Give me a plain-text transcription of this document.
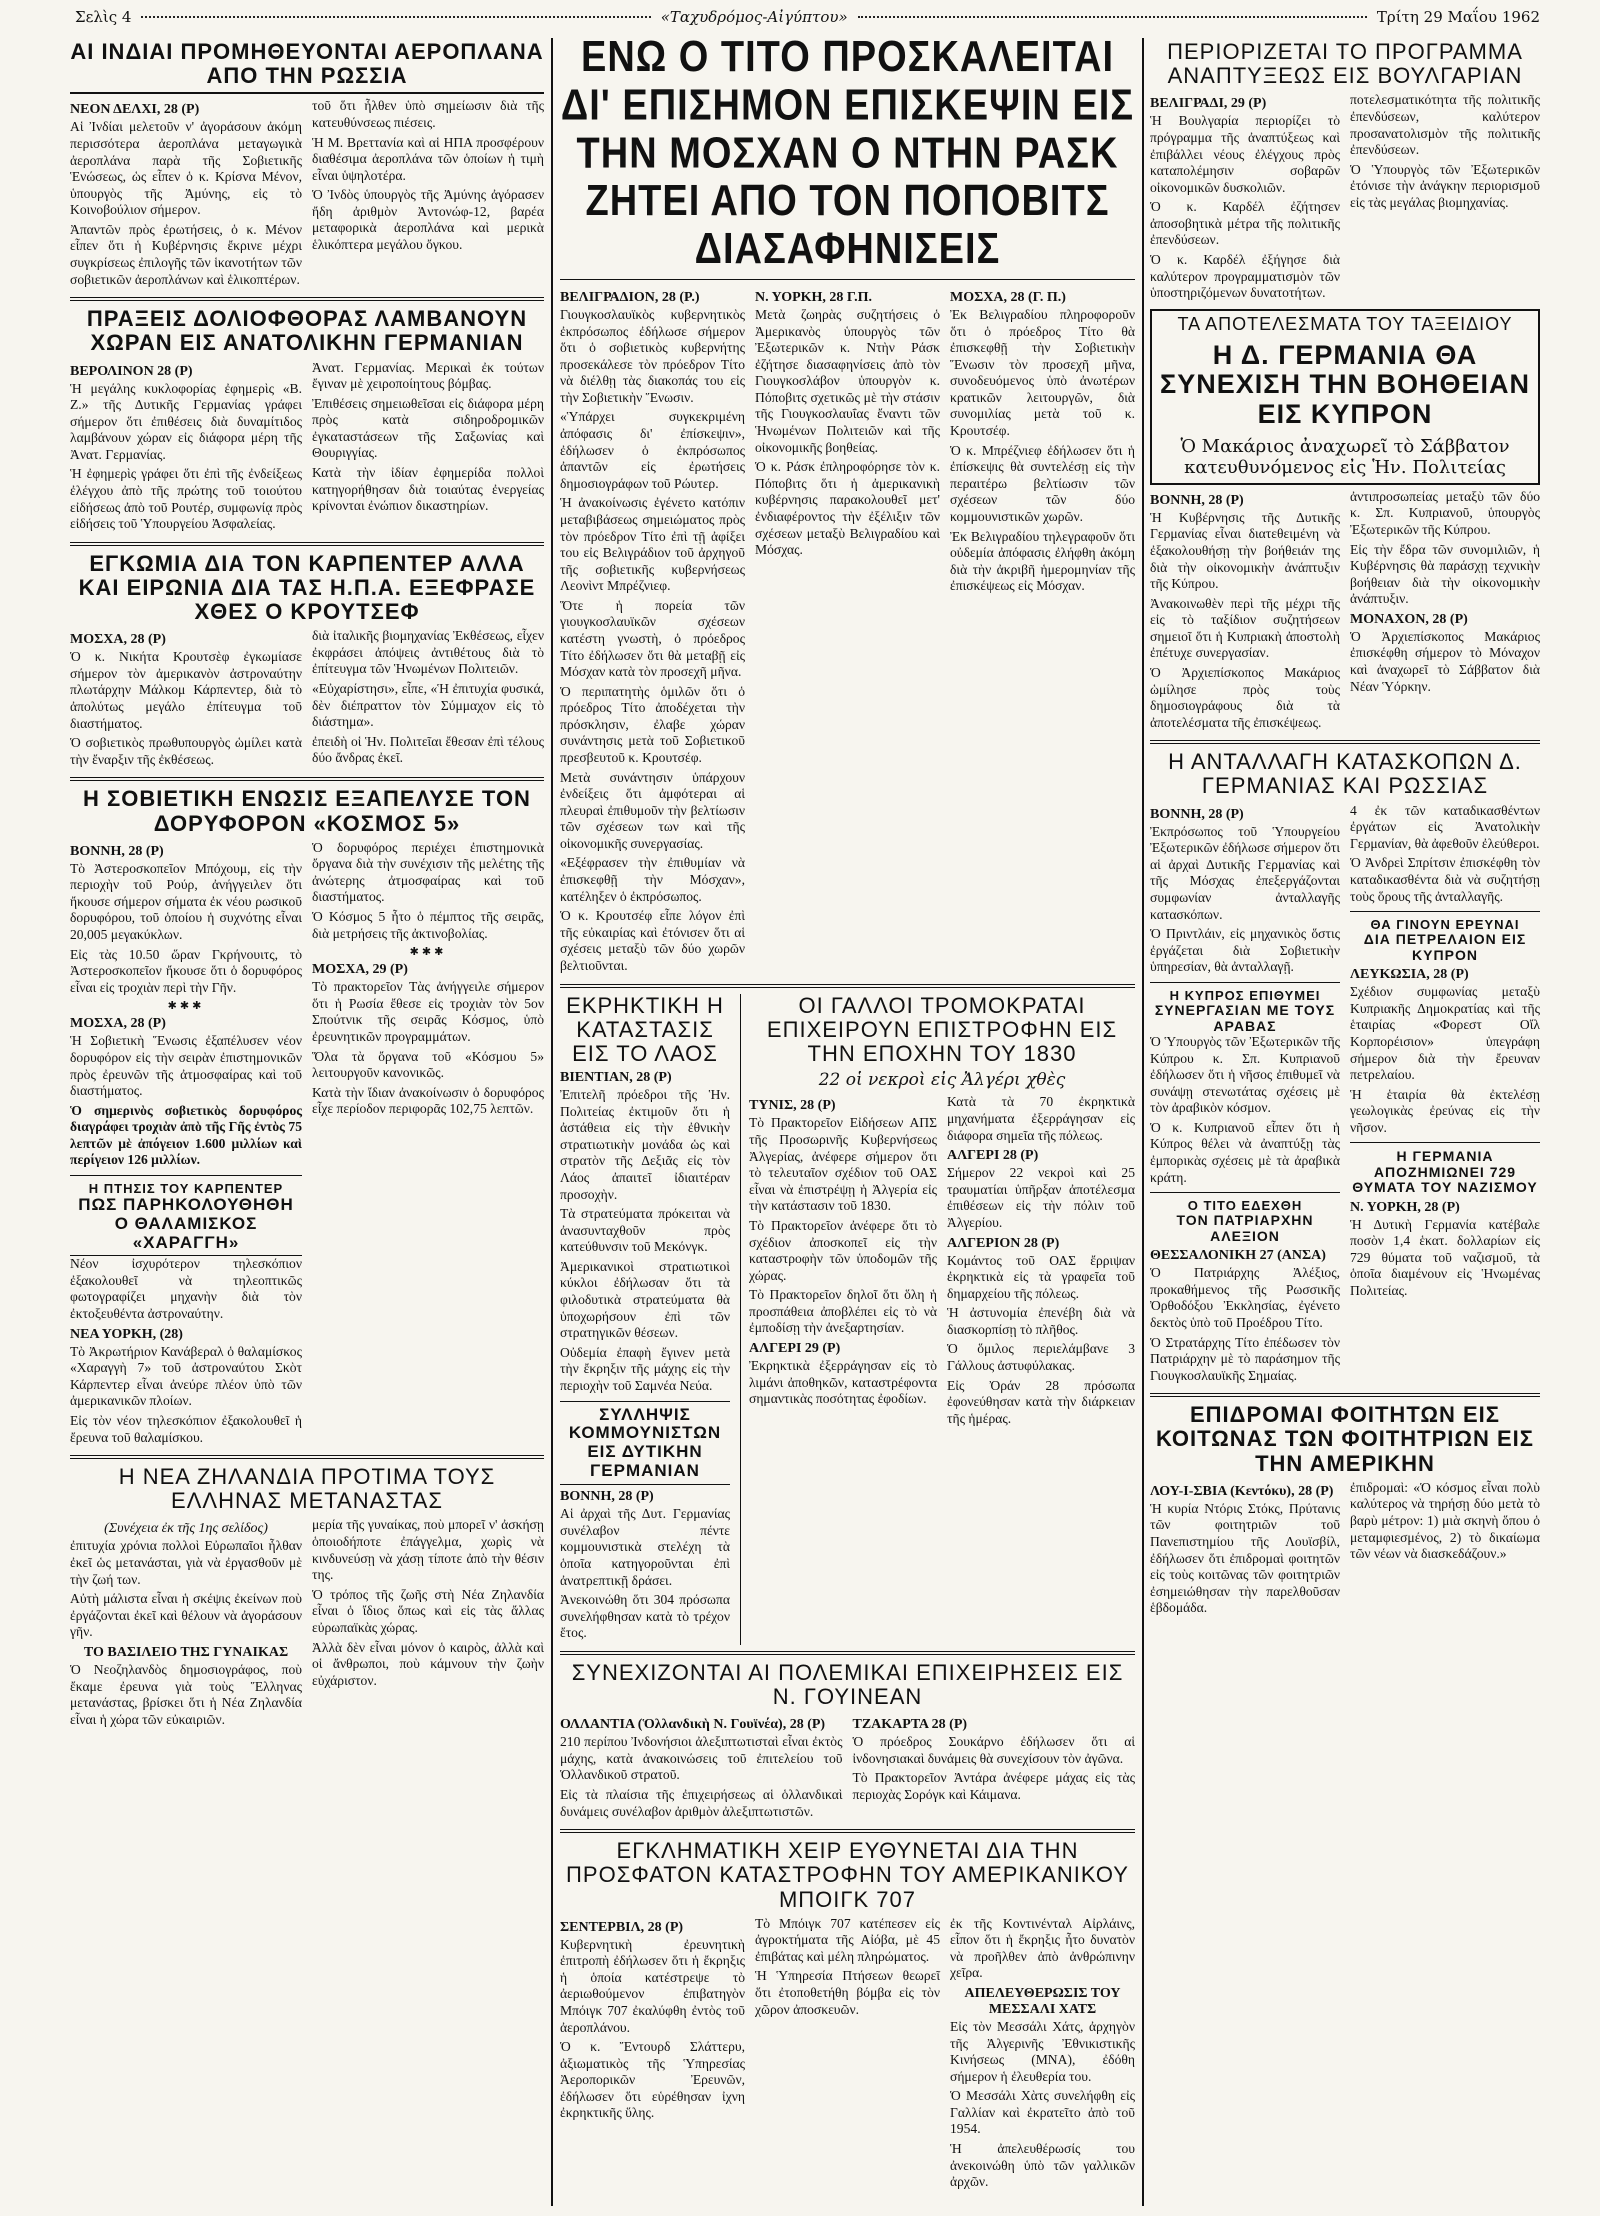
Σελὶς 4	«Ταχυδρόμος-Αἰγύπτου»	Τρίτη 29 Μαΐου 1962
ΑΙ ΙΝΔΙΑΙ ΠΡΟΜΗΘΕΥΟΝΤΑΙ ΑΕΡΟΠΛΑΝΑ ΑΠΟ ΤΗΝ ΡΩΣΣΙΑ
ΝΕΟΝ ΔΕΛΧΙ, 28 (Ρ)

Αἱ Ἰνδίαι μελετοῦν ν' ἀγοράσουν ἀκόμη περισσότερα ἀεροπλάνα μεταγωγικὰ ἀεροπλάνα παρὰ τῆς Σοβιετικῆς Ἑνώσεως, ὡς εἶπεν ὁ κ. Κρίσνα Μένον, ὑπουργὸς τῆς Ἀμύνης, εἰς τὸ Κοινοβούλιον σήμερον.

Ἀπαντῶν πρὸς ἐρωτήσεις, ὁ κ. Μένον εἶπεν ὅτι ἡ Κυβέρνησις ἔκρινε μέχρι συγκρίσεως ἐπιλογῆς τῶν ἱκανοτήτων τῶν σοβιετικῶν ἀεροπλάνων καὶ ἑλικοπτέρων.

τοῦ ὅτι ἦλθεν ὑπὸ σημείωσιν διὰ τῆς κατευθύνσεως πιέσεις.

Ἡ Μ. Βρεττανία καὶ αἱ ΗΠΑ προσφέρουν διαθέσιμα ἀεροπλάνα τῶν ὁποίων ἡ τιμὴ εἶναι ὑψηλοτέρα.

Ὁ Ἰνδὸς ὑπουργὸς τῆς Ἀμύνης ἀγόρασεν ἤδη ἀριθμὸν Ἀντονώφ-12, βαρέα μεταφορικὰ ἀεροπλάνα καὶ μερικὰ ἑλικόπτερα μεγάλου ὄγκου.

ΠΡΑΞΕΙΣ ΔΟΛΙΟΦΘΟΡΑΣ ΛΑΜΒΑΝΟΥΝ ΧΩΡΑΝ ΕΙΣ ΑΝΑΤΟΛΙΚΗΝ ΓΕΡΜΑΝΙΑΝ
ΒΕΡΟΛΙΝΟΝ 28 (Ρ)

Ἡ μεγάλης κυκλοφορίας ἐφημερὶς «Β. Ζ.» τῆς Δυτικῆς Γερμανίας γράφει σήμερον ὅτι ἐπιθέσεις διὰ δυναμίτιδος λαμβάνουν χώραν εἰς διάφορα μέρη τῆς Ἀνατ. Γερμανίας.

Ἡ ἐφημερὶς γράφει ὅτι ἐπὶ τῆς ἐνδείξεως ἐλέγχου ἀπὸ τῆς πρώτης τοῦ τοιούτου εἰδήσεως ἀπὸ τοῦ Ρουτέρ, συμφωνίᾳ πρὸς εἰδήσεις τοῦ Ὑπουργείου Ἀσφαλείας.

Ἀνατ. Γερμανίας. Μερικαὶ ἐκ τούτων ἔγιναν μὲ χειροποίητους βόμβας.

Ἐπιθέσεις σημειωθεῖσαι εἰς διάφορα μέρη πρὸς κατὰ σιδηροδρομικῶν ἐγκαταστάσεων τῆς Σαξωνίας καὶ Θουριγγίας.

Κατὰ τὴν ἰδίαν ἐφημερίδα πολλοὶ κατηγορήθησαν διὰ τοιαύτας ἐνεργείας κρίνονται ἐνώπιον δικαστηρίων.

ΕΓΚΩΜΙΑ ΔΙΑ ΤΟΝ ΚΑΡΠΕΝΤΕΡ ΑΛΛΑ ΚΑΙ ΕΙΡΩΝΙΑ ΔΙΑ ΤΑΣ Η.Π.Α. ΕΞΕΦΡΑΣΕ ΧΘΕΣ Ο ΚΡΟΥΤΣΕΦ
ΜΟΣΧΑ, 28 (Ρ)

Ὁ κ. Νικήτα Κρουτσὲφ ἐγκωμίασε σήμερον τὸν ἀμερικανὸν ἀστροναύτην πλωτάρχην Μάλκομ Κάρπεντερ, διὰ τὸ ἀπολύτως μεγάλο ἐπίτευγμα τοῦ διαστήματος.

Ὁ σοβιετικὸς πρωθυπουργὸς ὡμίλει κατὰ τὴν ἔναρξιν τῆς ἐκθέσεως.

διὰ ἰταλικῆς βιομηχανίας Ἐκθέσεως, εἶχεν ἐκφράσει ἀπόψεις ἀντιθέτους διὰ τὸ ἐπίτευγμα τῶν Ἡνωμένων Πολιτειῶν.

«Εὐχαρίστησι», εἶπε, «Ἡ ἐπιτυχία φυσικά, δὲν διέπραττον τὸν Σύμμαχον εἰς τὸ διάστημα».

ἐπειδὴ οἱ Ἡν. Πολιτεῖαι ἔθεσαν ἐπὶ τέλους δύο ἄνδρας ἐκεῖ.

Η ΣΟΒΙΕΤΙΚΗ ΕΝΩΣΙΣ ΕΞΑΠΕΛΥΣΕ ΤΟΝ ΔΟΡΥΦΟΡΟΝ «ΚΟΣΜΟΣ 5»
ΒΟΝΝΗ, 28 (Ρ)

Τὸ Ἀστεροσκοπεῖον Μπόχουμ, εἰς τὴν περιοχὴν τοῦ Ρούρ, ἀνήγγειλεν ὅτι ἤκουσε σήμερον σήματα ἐκ νέου ρωσικοῦ δορυφόρου, τοῦ ὁποίου ἡ συχνότης εἶναι 20,005 μεγακύκλων.

Εἰς τὰς 10.50 ὥραν Γκρήνουιτς, τὸ Ἀστεροσκοπεῖον ἤκουσε ὅτι ὁ δορυφόρος εἶναι εἰς τροχιὰν περὶ τὴν Γῆν.

✱✱✱
ΜΟΣΧΑ, 28 (Ρ)

Ἡ Σοβιετικὴ Ἕνωσις ἐξαπέλυσεν νέον δορυφόρον εἰς τὴν σειρὰν ἐπιστημονικῶν πρὸς ἐρευνῶν τῆς ἀτμοσφαίρας καὶ τοῦ διαστήματος.

Ὁ σημερινὸς σοβιετικὸς δορυφόρος διαγράφει τροχιὰν ἀπὸ τῆς Γῆς ἐντὸς 75 λεπτῶν μὲ ἀπόγειον 1.600 μιλλίων καὶ περίγειον 126 μιλλίων.

Η ΠΤΗΣΙΣ ΤΟΥ ΚΑΡΠΕΝΤΕΡ
ΠΩΣ ΠΑΡΗΚΟΛΟΥΘΗΘΗ Ο ΘΑΛΑΜΙΣΚΟΣ «ΧΑΡΑΓΓΗ»

Νέον ἰσχυρότερον τηλεσκόπιον ἐξακολουθεῖ νὰ τηλεοπτικῶς φωτογραφίζει μηχανὴν διὰ τὸν ἐκτοξευθέντα ἀστροναύτην.

ΝΕΑ ΥΟΡΚΗ, (28)

Τὸ Ἀκρωτήριον Κανάβεραλ ὁ θαλαμίσκος «Χαραγγὴ 7» τοῦ ἀστροναύτου Σκὸτ Κάρπεντερ εἶναι ἀνεύρε πλέον ὑπὸ τῶν ἀμερικανικῶν πλοίων.

Εἰς τὸν νέον τηλεσκόπιον ἐξακολουθεῖ ἡ ἔρευνα τοῦ θαλαμίσκου.

Ὁ δορυφόρος περιέχει ἐπιστημονικὰ ὄργανα διὰ τὴν συνέχισιν τῆς μελέτης τῆς ἀνώτερης ἀτμοσφαίρας καὶ τοῦ διαστήματος.

Ὁ Κόσμος 5 ἦτο ὁ πέμπτος τῆς σειρᾶς, διὰ μετρήσεις τῆς ἀκτινοβολίας.

✱✱✱
ΜΟΣΧΑ, 29 (Ρ)

Τὸ πρακτορεῖον Τὰς ἀνήγγειλε σήμερον ὅτι ἡ Ρωσία ἔθεσε εἰς τροχιὰν τὸν 5ον Σπούτνικ τῆς σειρᾶς Κόσμος, ὑπὸ ἐρευνητικῶν προγραμμάτων.

Ὅλα τὰ ὄργανα τοῦ «Κόσμου 5» λειτουργοῦν κανονικῶς.

Κατὰ τὴν ἴδιαν ἀνακοίνωσιν ὁ δορυφόρος εἶχε περίοδον περιφορᾶς 102,75 λεπτῶν.

Η ΝΕΑ ΖΗΛΑΝΔΙΑ ΠΡΟΤΙΜΑ ΤΟΥΣ ΕΛΛΗΝΑΣ ΜΕΤΑΝΑΣΤΑΣ
(Συνέχεια ἐκ τῆς 1ης σελίδος)

ἐπιτυχία χρόνια πολλοὶ Εὐρωπαῖοι ἦλθαν ἐκεῖ ὡς μετανάσται, γιὰ νὰ ἐργασθοῦν μὲ τὴν ζωή των.

Αὐτὴ μάλιστα εἶναι ἡ σκέψις ἐκείνων ποὺ ἐργάζονται ἐκεῖ καὶ θέλουν νὰ ἀγοράσουν γῆν.

ΤΟ ΒΑΣΙΛΕΙΟ ΤΗΣ ΓΥΝΑΙΚΑΣ

Ὁ Νεοζηλανδὸς δημοσιογράφος, ποὺ ἔκαμε ἐρευνα γιὰ τοὺς Ἕλληνας μετανάστας, βρίσκει ὅτι ἡ Νέα Ζηλανδία εἶναι ἡ χώρα τῶν εὐκαιριῶν.

μερία τῆς γυναίκας, ποὺ μπορεῖ ν' ἀσκήσῃ ὁποιοδήποτε ἐπάγγελμα, χωρὶς νὰ κινδυνεύσῃ νὰ χάσῃ τίποτε ἀπὸ τὴν θέσιν της.

Ὁ τρόπος τῆς ζωῆς στὴ Νέα Ζηλανδία εἶναι ὁ ἴδιος ὅπως καὶ εἰς τὰς ἄλλας εὐρωπαϊκὰς χώρας.

Ἀλλὰ δὲν εἶναι μόνον ὁ καιρὸς, ἀλλὰ καὶ οἱ ἄνθρωποι, ποὺ κάμνουν τὴν ζωὴν εὐχάριστον.

ΕΝΩ Ο ΤΙΤΟ ΠΡΟΣΚΑΛΕΙΤΑΙ ΔΙ' ΕΠΙΣΗΜΟΝ ΕΠΙΣΚΕΨΙΝ ΕΙΣ ΤΗΝ ΜΟΣΧΑΝ Ο ΝΤΗΝ ΡΑΣΚ ΖΗΤΕΙ ΑΠΟ ΤΟΝ ΠΟΠΟΒΙΤΣ ΔΙΑΣΑΦΗΝΙΣΕΙΣ
ΒΕΛΙΓΡΑΔΙΟΝ, 28 (Ρ.)

Γιουγκοσλαυϊκὸς κυβερνητικὸς ἐκπρόσωπος ἐδήλωσε σήμερον ὅτι ὁ σοβιετικὸς κυβερνήτης προσεκάλεσε τὸν πρόεδρον Τίτο νὰ διέλθῃ τὰς διακοπάς του εἰς τὴν Σοβιετικὴν Ἕνωσιν.

«Ὑπάρχει συγκεκριμένη ἀπόφασις δι' ἐπίσκεψιν», ἐδήλωσεν ὁ ἐκπρόσωπος ἀπαντῶν εἰς ἐρωτήσεις δημοσιογράφων τοῦ Ρώυτερ.

Ἡ ἀνακοίνωσις ἐγένετο κατόπιν μεταβιβάσεως σημειώματος πρὸς τὸν πρόεδρον Τίτο ἐπὶ τῇ ἀφίξει του εἰς Βελιγράδιον τοῦ ἀρχηγοῦ τῆς σοβιετικῆς κυβερνήσεως Λεονὶντ Μπρέζνιεφ.

Ὅτε ἡ πορεία τῶν γιουγκοσλαυϊκῶν σχέσεων κατέστη γνωστὴ, ὁ πρόεδρος Τίτο ἐδήλωσεν ὅτι θὰ μεταβῇ εἰς Μόσχαν κατὰ τὸν προσεχῆ μῆνα.

Ὁ περιπατητὴς ὁμιλῶν ὅτι ὁ πρόεδρος Τίτο ἀποδέχεται τὴν πρόσκλησιν, ἐλαβε χώραν συνάντησις μετὰ τοῦ Σοβιετικοῦ πρεσβευτοῦ κ. Κρουτσέφ.

Μετὰ συνάντησιν ὑπάρχουν ἐνδείξεις ὅτι ἀμφότεραι αἱ πλευραὶ ἐπιθυμοῦν τὴν βελτίωσιν τῶν σχέσεων των καὶ τῆς οἰκονομικῆς συνεργασίας.

«Εξέφρασεν τὴν ἐπιθυμίαν νὰ ἐπισκεφθῇ τὴν Μόσχαν», κατέληξεν ὁ ἐκπρόσωπος.

Ὁ κ. Κρουτσέφ εἶπε λόγον ἐπὶ τῆς εὐκαιρίας καὶ ἐτόνισεν ὅτι αἱ σχέσεις μεταξὺ τῶν δύο χωρῶν βελτιοῦνται.

Ν. ΥΟΡΚΗ, 28 Γ.Π.

Μετὰ ζωηρὰς συζητήσεις ὁ Ἀμερικανὸς ὑπουργὸς τῶν Ἐξωτερικῶν κ. Ντὴν Ράσκ ἐζήτησε διασαφηνίσεις ἀπὸ τὸν Γιουγκοσλάβον ὑπουργὸν κ. Πόποβιτς σχετικῶς μὲ τὴν στάσιν τῆς Γιουγκοσλαυΐας ἔναντι τῶν Ἡνωμένων Πολιτειῶν καὶ τῆς οἰκονομικῆς βοηθείας.

Ὁ κ. Ράσκ ἐπληροφόρησε τὸν κ. Πόποβιτς ὅτι ἡ ἀμερικανικὴ κυβέρνησις παρακολουθεῖ μετ' ἐνδιαφέροντος τὴν ἐξέλιξιν τῶν σχέσεων μεταξὺ Βελιγραδίου καὶ Μόσχας.

ΜΟΣΧΑ, 28 (Γ. Π.)

Ἐκ Βελιγραδίου πληροφοροῦν ὅτι ὁ πρόεδρος Τίτο θὰ ἐπισκεφθῇ τὴν Σοβιετικὴν Ἕνωσιν τὸν προσεχῆ μῆνα, συνοδευόμενος ὑπὸ ἀνωτέρων κρατικῶν λειτουργῶν, διὰ συνομιλίας μετὰ τοῦ κ. Κρουτσέφ.

Ὁ κ. Μπρέζνιεφ ἐδήλωσεν ὅτι ἡ ἐπίσκεψις θὰ συντελέσῃ εἰς τὴν περαιτέρω βελτίωσιν τῶν σχέσεων τῶν δύο κομμουνιστικῶν χωρῶν.

Ἐκ Βελιγραδίου τηλεγραφοῦν ὅτι οὐδεμία ἀπόφασις ἐλήφθη ἀκόμη διὰ τὴν ἀκριβῆ ἡμερομηνίαν τῆς ἐπισκέψεως εἰς Μόσχαν.

ΕΚΡΗΚΤΙΚΗ Η ΚΑΤΑΣΤΑΣΙΣ ΕΙΣ ΤΟ ΛΑΟΣ
ΒΙΕΝΤΙΑΝ, 28 (Ρ)

Ἐπιτελῆ πρόεδροι τῆς Ἡν. Πολιτείας ἐκτιμοῦν ὅτι ἡ ἀστάθεια εἰς τὴν ἐθνικὴν στρατιωτικὴν μονάδα ὡς καὶ στρατὸν τῆς Δεξιᾶς εἰς τὸν Λάος ἀπαιτεῖ ἰδιαιτέραν προσοχὴν.

Τὰ στρατεύματα πρόκειται νὰ ἀνασυνταχθοῦν πρὸς κατεύθυνσιν τοῦ Μεκόνγκ.

Ἀμερικανικοὶ στρατιωτικοὶ κύκλοι ἐδήλωσαν ὅτι τὰ φιλοδυτικὰ στρατεύματα θὰ ὑποχωρήσουν ἐπὶ τῶν στρατηγικῶν θέσεων.

Οὐδεμία ἐπαφὴ ἔγινεν μετὰ τὴν ἔκρηξιν τῆς μάχης εἰς τὴν περιοχὴν τοῦ Σαμνέα Νεύα.

ΣΥΛΛΗΨΙΣ ΚΟΜΜΟΥΝΙΣΤΩΝ ΕΙΣ ΔΥΤΙΚΗΝ ΓΕΡΜΑΝΙΑΝ
ΒΟΝΝΗ, 28 (Ρ)

Αἱ ἀρχαὶ τῆς Δυτ. Γερμανίας συνέλαβον πέντε κομμουνιστικὰ στελέχη τὰ ὁποῖα κατηγοροῦνται ἐπὶ ἀνατρεπτικῇ δράσει.

Ἀνεκοινώθη ὅτι 304 πρόσωπα συνελήφθησαν κατὰ τὸ τρέχον ἔτος.

ΟΙ ΓΑΛΛΟΙ ΤΡΟΜΟΚΡΑΤΑΙ ΕΠΙΧΕΙΡΟΥΝ ΕΠΙΣΤΡΟΦΗΝ ΕΙΣ ΤΗΝ ΕΠΟΧΗΝ ΤΟΥ 1830
22 οἱ νεκροὶ εἰς Ἀλγέρι χθὲς
ΤΥΝΙΣ, 28 (Ρ)

Τὸ Πρακτορεῖον Εἰδήσεων ΑΠΣ τῆς Προσωρινῆς Κυβερνήσεως Ἀλγερίας, ἀνέφερε σήμερον ὅτι τὸ τελευταῖον σχέδιον τοῦ ΟΑΣ εἶναι νὰ ἐπιστρέψῃ ἡ Ἀλγερία εἰς τὴν κατάστασιν τοῦ 1830.

Τὸ Πρακτορεῖον ἀνέφερε ὅτι τὸ σχέδιον ἀποσκοπεῖ εἰς τὴν καταστροφὴν τῶν ὑποδομῶν τῆς χώρας.

Τὸ Πρακτορεῖον δηλοῖ ὅτι ὅλη ἡ προσπάθεια ἀποβλέπει εἰς τὸ νὰ ἐμποδίσῃ τὴν ἀνεξαρτησίαν.

ΑΛΓΕΡΙ 29 (Ρ)

Ἐκρηκτικὰ ἐξερράγησαν εἰς τὸ λιμάνι ἀποθηκῶν, καταστρέφοντα σημαντικὰς ποσότητας ἐφοδίων.

Κατὰ τὰ 70 ἐκρηκτικὰ μηχανήματα ἐξερράγησαν εἰς διάφορα σημεῖα τῆς πόλεως.

ΑΛΓΕΡΙ 28 (Ρ)

Σήμερον 22 νεκροὶ καὶ 25 τραυματίαι ὑπῆρξαν ἀποτέλεσμα ἐπιθέσεων εἰς τὴν πόλιν τοῦ Ἀλγερίου.

ΑΛΓΕΡΙΟΝ 28 (Ρ)

Κομάντος τοῦ ΟΑΣ ἔρριψαν ἐκρηκτικὰ εἰς τὰ γραφεῖα τοῦ δημαρχείου τῆς πόλεως.

Ἡ ἀστυνομία ἐπενέβη διὰ νὰ διασκορπίσῃ τὸ πλῆθος.

Ὁ ὅμιλος περιελάμβανε 3 Γάλλους ἀστυφύλακας.

Εἰς Ὀράν 28 πρόσωπα ἐφονεύθησαν κατὰ τὴν διάρκειαν τῆς ἡμέρας.

ΣΥΝΕΧΙΖΟΝΤΑΙ ΑΙ ΠΟΛΕΜΙΚΑΙ ΕΠΙΧΕΙΡΗΣΕΙΣ ΕΙΣ Ν. ΓΟΥΙΝΕΑΝ
ΟΛΛΑΝΤΙΑ (Ὁλλανδικὴ Ν. Γουϊνέα), 28 (Ρ)

210 περίπου Ἰνδονήσιοι ἀλεξιπτωτισταὶ εἶναι ἐκτὸς μάχης, κατὰ ἀνακοινώσεις τοῦ ἐπιτελείου τοῦ Ὁλλανδικοῦ στρατοῦ.

Εἰς τὰ πλαίσια τῆς ἐπιχειρήσεως αἱ ὁλλανδικαὶ δυνάμεις συνέλαβον ἀριθμὸν ἀλεξιπτωτιστῶν.

ΤΖΑΚΑΡΤΑ 28 (Ρ)

Ὁ πρόεδρος Σουκάρνο ἐδήλωσεν ὅτι αἱ ἰνδονησιακαὶ δυνάμεις θὰ συνεχίσουν τὸν ἀγῶνα.

Τὸ Πρακτορεῖον Ἀντάρα ἀνέφερε μάχας εἰς τὰς περιοχὰς Σορόγκ καὶ Κάιμανα.

ΕΓΚΛΗΜΑΤΙΚΗ ΧΕΙΡ ΕΥΘΥΝΕΤΑΙ ΔΙΑ ΤΗΝ ΠΡΟΣΦΑΤΟΝ ΚΑΤΑΣΤΡΟΦΗΝ ΤΟΥ ΑΜΕΡΙΚΑΝΙΚΟΥ ΜΠΟΙΓΚ 707
ΣΕΝΤΕΡΒΙΛ, 28 (Ρ)

Κυβερνητικὴ ἐρευνητικὴ ἐπιτροπὴ ἐδήλωσεν ὅτι ἡ ἔκρηξις ἡ ὁποία κατέστρεψε τὸ ἀεριωθούμενον ἐπιβατηγὸν Μπόιγκ 707 ἐκαλύφθη ἐντὸς τοῦ ἀεροπλάνου.

Ὁ κ. Ἔντουρδ Σλάττερυ, ἀξιωματικὸς τῆς Ὑπηρεσίας Ἀεροπορικῶν Ἐρευνῶν, ἐδήλωσεν ὅτι εὑρέθησαν ἰχνη ἐκρηκτικῆς ὕλης.

Τὸ Μπόιγκ 707 κατέπεσεν εἰς ἀγροκτήματα τῆς Αἰόβα, μὲ 45 ἐπιβάτας καὶ μέλη πληρώματος.

Ἡ Ὑπηρεσία Πτήσεων θεωρεῖ ὅτι ἐτοποθετήθη βόμβα εἰς τὸν χῶρον ἀποσκευῶν.

ἐκ τῆς Κοντινένταλ Αἰρλάινς, εἶπον ὅτι ἡ ἔκρηξις ἦτο δυνατὸν νὰ προῆλθεν ἀπὸ ἀνθρώπινην χεῖρα.

ΑΠΕΛΕΥΘΕΡΩΣΙΣ ΤΟΥ ΜΕΣΣΑΛΙ ΧΑΤΣ

Εἰς τὸν Μεσσάλι Χάτς, ἀρχηγὸν τῆς Ἀλγερινῆς Ἐθνικιστικῆς Κινήσεως (ΜΝΑ), ἐδόθη σήμερον ἡ ἐλευθερία του.

Ὁ Μεσσάλι Χὰτς συνελήφθη εἰς Γαλλίαν καὶ ἐκρατεῖτο ἀπὸ τοῦ 1954.

Ἡ ἀπελευθέρωσίς του ἀνεκοινώθη ὑπὸ τῶν γαλλικῶν ἀρχῶν.

ΠΕΡΙΟΡΙΖΕΤΑΙ ΤΟ ΠΡΟΓΡΑΜΜΑ ΑΝΑΠΤΥΞΕΩΣ ΕΙΣ ΒΟΥΛΓΑΡΙΑΝ
ΒΕΛΙΓΡΑΔΙ, 29 (Ρ)

Ἡ Βουλγαρία περιορίζει τὸ πρόγραμμα τῆς ἀναπτύξεως καὶ ἐπιβάλλει νέους ἐλέγχους πρὸς καταπολέμησιν σοβαρῶν οἰκονομικῶν δυσκολιῶν.

Ὁ κ. Καρδέλ ἐζήτησεν ἀποσοβητικὰ μέτρα τῆς πολιτικῆς ἐπενδύσεων.

Ὁ κ. Καρδέλ ἐξήγησε διὰ καλύτερον προγραμματισμὸν τῶν ὑποστηριζόμενων δυνατοτήτων.

ποτελεσματικότητα τῆς πολιτικῆς ἐπενδύσεων, καλύτερον προσανατολισμὸν τῆς πολιτικῆς ἐπενδύσεων.

Ὁ Ὑπουργὸς τῶν Ἐξωτερικῶν ἐτόνισε τὴν ἀνάγκην περιορισμοῦ εἰς τὰς μεγάλας βιομηχανίας.

ΤΑ ΑΠΟΤΕΛΕΣΜΑΤΑ ΤΟΥ ΤΑΞΕΙΔΙΟΥ
Η Δ. ΓΕΡΜΑΝΙΑ ΘΑ ΣΥΝΕΧΙΣΗ ΤΗΝ ΒΟΗΘΕΙΑΝ ΕΙΣ ΚΥΠΡΟΝ
Ὁ Μακάριος ἀναχωρεῖ τὸ Σάββατον κατευθυνόμενος εἰς Ἡν. Πολιτείας
ΒΟΝΝΗ, 28 (Ρ)

Ἡ Κυβέρνησις τῆς Δυτικῆς Γερμανίας εἶναι διατεθειμένη νὰ ἐξακολουθήσῃ τὴν βοήθειάν της διὰ τὴν οἰκονομικὴν ἀνάπτυξιν τῆς Κύπρου.

Ἀνακοινωθὲν περὶ τῆς μέχρι τῆς εἰς τὸ ταξίδιον συζητήσεων σημειοῖ ὅτι ἡ Κυπριακὴ ἀποστολὴ ἐπέτυχε συνεργασίαν.

Ὁ Ἀρχιεπίσκοπος Μακάριος ὡμίλησε πρὸς τοὺς δημοσιογράφους διὰ τὰ ἀποτελέσματα τῆς ἐπισκέψεως.

ἀντιπροσωπείας μεταξὺ τῶν δύο κ. Σπ. Κυπριανοῦ, ὑπουργὸς Ἐξωτερικῶν τῆς Κύπρου.

Εἰς τὴν ἔδρα τῶν συνομιλιῶν, ἡ Κυβέρνησις θὰ παράσχῃ τεχνικὴν βοήθειαν διὰ τὴν οἰκονομικὴν ἀνάπτυξιν.

ΜΟΝΑΧΟΝ, 28 (Ρ)

Ὁ Ἀρχιεπίσκοπος Μακάριος ἐπισκέφθη σήμερον τὸ Μόναχον καὶ ἀναχωρεῖ τὸ Σάββατον διὰ Νέαν Ὑόρκην.

Η ΑΝΤΑΛΛΑΓΗ ΚΑΤΑΣΚΟΠΩΝ Δ. ΓΕΡΜΑΝΙΑΣ ΚΑΙ ΡΩΣΣΙΑΣ
ΒΟΝΝΗ, 28 (Ρ)

Ἐκπρόσωπος τοῦ Ὑπουργείου Ἐξωτερικῶν ἐδήλωσε σήμερον ὅτι αἱ ἀρχαὶ Δυτικῆς Γερμανίας καὶ τῆς Μόσχας ἐπεξεργάζονται συμφωνίαν ἀνταλλαγῆς κατασκόπων.

Ὁ Πριντλάιν, εἰς μηχανικὸς ὅστις ἐργάζεται διὰ Σοβιετικὴν ὑπηρεσίαν, θὰ ἀνταλλαγῇ.

Η ΚΥΠΡΟΣ ΕΠΙΘΥΜΕΙ
ΣΥΝΕΡΓΑΣΙΑΝ ΜΕ ΤΟΥΣ ΑΡΑΒΑΣ

Ὁ Ὑπουργὸς τῶν Ἐξωτερικῶν τῆς Κύπρου κ. Σπ. Κυπριανοῦ ἐδήλωσεν ὅτι ἡ νῆσος ἐπιθυμεῖ νὰ συνάψῃ στενωτάτας σχέσεις μὲ τὸν ἀραβικὸν κόσμον.

Ὁ κ. Κυπριανοῦ εἶπεν ὅτι ἡ Κύπρος θέλει νὰ ἀναπτύξῃ τὰς ἐμπορικὰς σχέσεις μὲ τὰ ἀραβικὰ κράτη.

Ο ΤΙΤΟ ΕΔΕΧΘΗ
ΤΟΝ ΠΑΤΡΙΑΡΧΗΝ ΑΛΕΞΙΟΝ
ΘΕΣΣΑΛΟΝΙΚΗ 27 (ΑΝΣΑ)

Ὁ Πατριάρχης Ἀλέξιος, προκαθήμενος τῆς Ρωσσικῆς Ὀρθοδόξου Ἐκκλησίας, ἐγένετο δεκτὸς ὑπὸ τοῦ Προέδρου Τίτο.

Ὁ Στρατάρχης Τίτο ἐπέδωσεν τὸν Πατριάρχην μὲ τὸ παράσημον τῆς Γιουγκοσλαυϊκῆς Σημαίας.

4 ἐκ τῶν καταδικασθέντων ἐργάτων εἰς Ἀνατολικὴν Γερμανίαν, θὰ ἀφεθοῦν ἐλεύθεροι.

Ὁ Ἀνδρεὶ Σπρίτσιν ἐπισκέφθη τὸν καταδικασθέντα διὰ νὰ συζητήσῃ τοὺς ὅρους τῆς ἀνταλλαγῆς.

ΘΑ ΓΙΝΟΥΝ ΕΡΕΥΝΑΙ
ΔΙΑ ΠΕΤΡΕΛΑΙΟΝ ΕΙΣ ΚΥΠΡΟΝ
ΛΕΥΚΩΣΙΑ, 28 (Ρ)

Σχέδιον συμφωνίας μεταξὺ Κυπριακῆς Δημοκρατίας καὶ τῆς ἑταιρίας «Φορεστ Οἴλ Κορπορέισιον» ὑπεγράφη σήμερον διὰ τὴν ἔρευναν πετρελαίου.

Ἡ ἑταιρία θὰ ἐκτελέσῃ γεωλογικὰς ἐρεύνας εἰς τὴν νῆσον.

Η ΓΕΡΜΑΝΙΑ ΑΠΟΖΗΜΙΩΝΕΙ 729 ΘΥΜΑΤΑ ΤΟΥ ΝΑΖΙΣΜΟΥ
Ν. ΥΟΡΚΗ, 28 (Ρ)

Ἡ Δυτικὴ Γερμανία κατέβαλε ποσὸν 1,4 ἑκατ. δολλαρίων εἰς 729 θύματα τοῦ ναζισμοῦ, τὰ ὁποῖα διαμένουν εἰς Ἡνωμένας Πολιτείας.

ΕΠΙΔΡΟΜΑΙ ΦΟΙΤΗΤΩΝ ΕΙΣ ΚΟΙΤΩΝΑΣ ΤΩΝ ΦΟΙΤΗΤΡΙΩΝ ΕΙΣ ΤΗΝ ΑΜΕΡΙΚΗΝ
ΛΟΥ-Ι-ΣΒΙΑ (Κεντόκυ), 28 (Ρ)

Ἡ κυρία Ντόρις Στόκς, Πρύτανις τῶν φοιτητριῶν τοῦ Πανεπιστημίου τῆς Λουϊσβίλ, ἐδήλωσεν ὅτι ἐπιδρομαὶ φοιτητῶν εἰς τοὺς κοιτῶνας τῶν φοιτητριῶν ἐσημειώθησαν τὴν παρελθοῦσαν ἑβδομάδα.

ἐπιδρομαὶ: «Ὁ κόσμος εἶναι πολὺ καλύτερος νὰ τηρήσῃ δύο μετὰ τὸ βαρὺ μέτρον: 1) μιὰ σκηνὴ ὅπου ὁ μεταμφιεσμένος, 2) τὸ δικαίωμα τῶν νέων νὰ διασκεδάζουν.»
